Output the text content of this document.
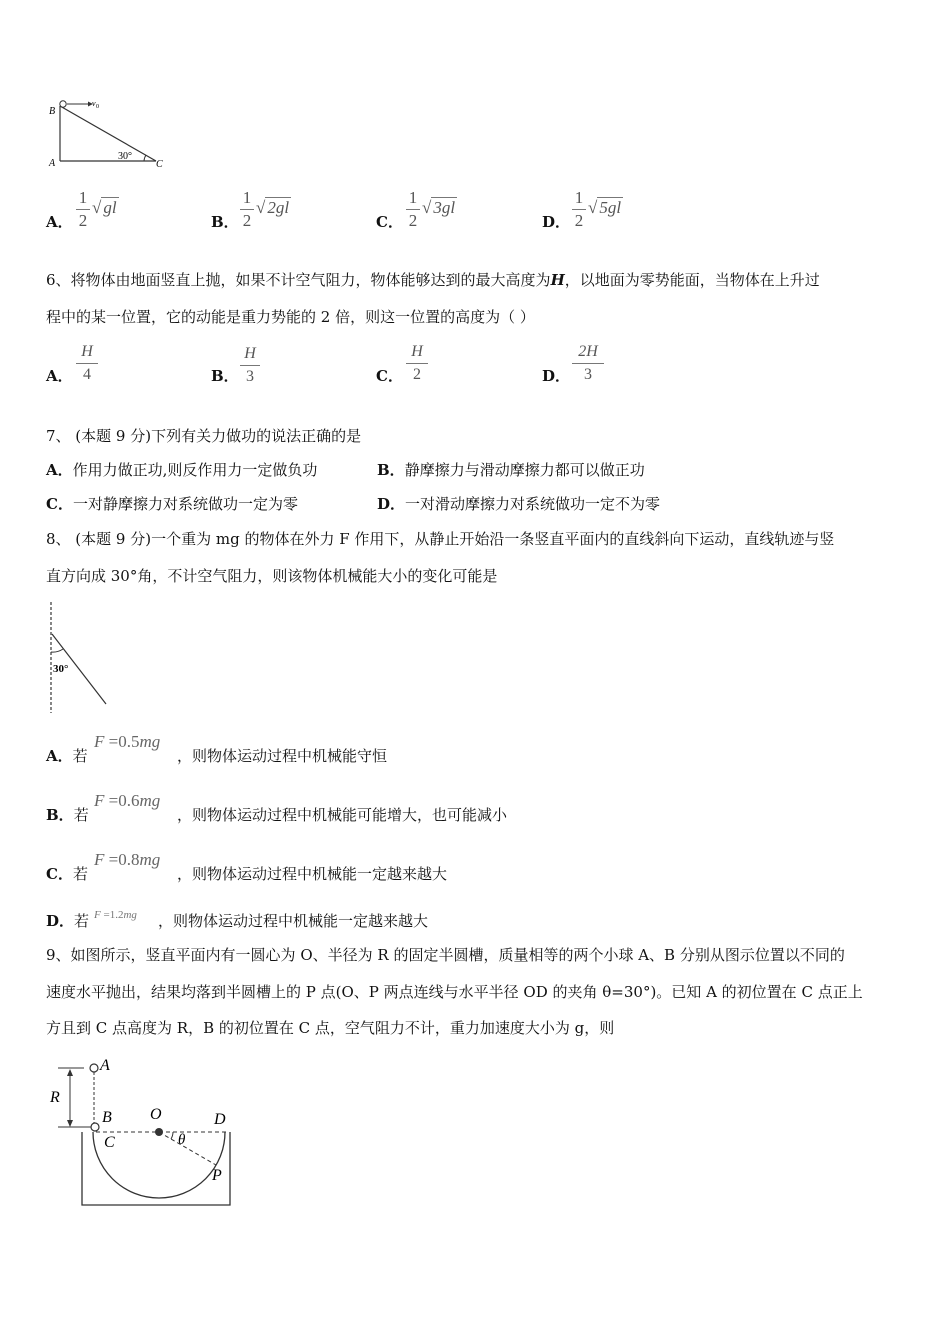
B
v 0
A	C
30°
A．
1
2
√ gl
B．
1
2
√ 2gl
C．
1
2
√ 3gl
D．
1
2
√ 5gl
6、将物体由地面竖直上抛，如果不计空气阻力，物体能够达到的最大高度为H，以地面为零势能面，当物体在上升过
程中的某一位置，它的动能是重力势能的 2 倍，则这一位置的高度为（ ）
A．
H
4	B．
H
3	C．
H
2	D．
2H
3
7、 (本题 9 分)下列有关力做功的说法正确的是
A．作用力做正功,则反作用力一定做负功	B．静摩擦力与滑动摩擦力都可以做正功
C．一对静摩擦力对系统做功一定为零	D．一对滑动摩擦力对系统做功一定不为零
8、 (本题 9 分)一个重为 mg 的物体在外力 F 作用下，从静止开始沿一条竖直平面内的直线斜向下运动，直线轨迹与竖
直方向成 30°角，不计空气阻力，则该物体机械能大小的变化可能是
30°
A．若
F =0.5mg
，则物体运动过程中机械能守恒
B．若
F =0.6mg
，则物体运动过程中机械能可能增大，也可能减小
C．若
F =0.8mg
，则物体运动过程中机械能一定越来越大
D．若 F =1.2mg ，则物体运动过程中机械能一定越来越大
9、如图所示，竖直平面内有一圆心为 O、半径为 R 的固定半圆槽，质量相等的两个小球 A、B 分别从图示位置以不同的
速度水平抛出，结果均落到半圆槽上的 P 点(O、P 两点连线与水平半径 OD 的夹角 θ=30°)。已知 A 的初位置在 C 点正上
方且到 C 点高度为 R，B 的初位置在 C 点，空气阻力不计，重力加速度大小为 g，则
A
R
B
C
O	D
θ
P
